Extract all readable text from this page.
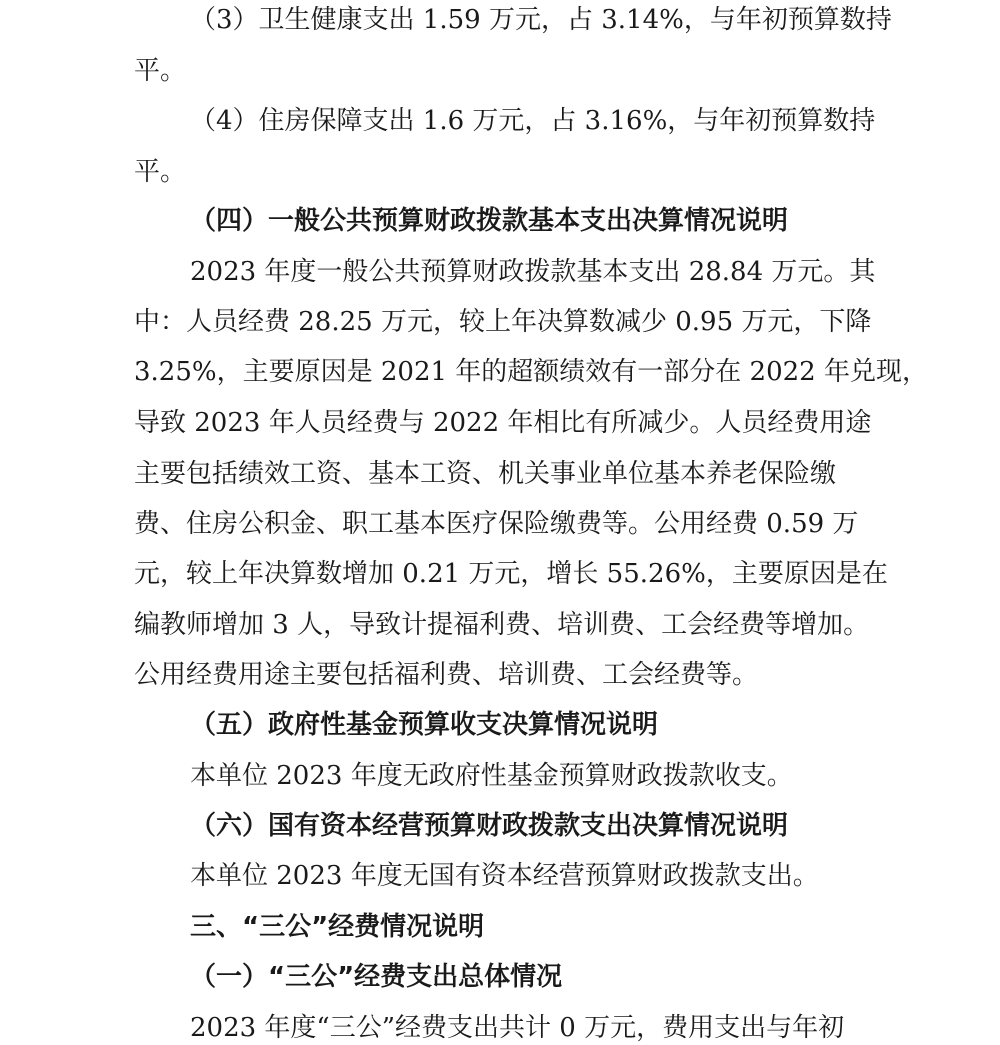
（3）卫生健康支出 1.59 万元，占 3.14%，与年初预算数持
平。
（4）住房保障支出 1.6 万元，占 3.16%，与年初预算数持
平。
（四）一般公共预算财政拨款基本支出决算情况说明
2023 年度一般公共预算财政拨款基本支出 28.84 万元。其
中：人员经费 28.25 万元，较上年决算数减少 0.95 万元，下降
3.25%，主要原因是 2021 年的超额绩效有一部分在 2022 年兑现，
导致 2023 年人员经费与 2022 年相比有所减少。人员经费用途
主要包括绩效工资、基本工资、机关事业单位基本养老保险缴
费、住房公积金、职工基本医疗保险缴费等。公用经费 0.59 万
元，较上年决算数增加 0.21 万元，增长 55.26%，主要原因是在
编教师增加 3 人，导致计提福利费、培训费、工会经费等增加。
公用经费用途主要包括福利费、培训费、工会经费等。
（五）政府性基金预算收支决算情况说明
本单位 2023 年度无政府性基金预算财政拨款收支。
（六）国有资本经营预算财政拨款支出决算情况说明
本单位 2023 年度无国有资本经营预算财政拨款支出。
三、“三公”经费情况说明
（一）“三公”经费支出总体情况
2023 年度“三公”经费支出共计 0 万元，费用支出与年初
